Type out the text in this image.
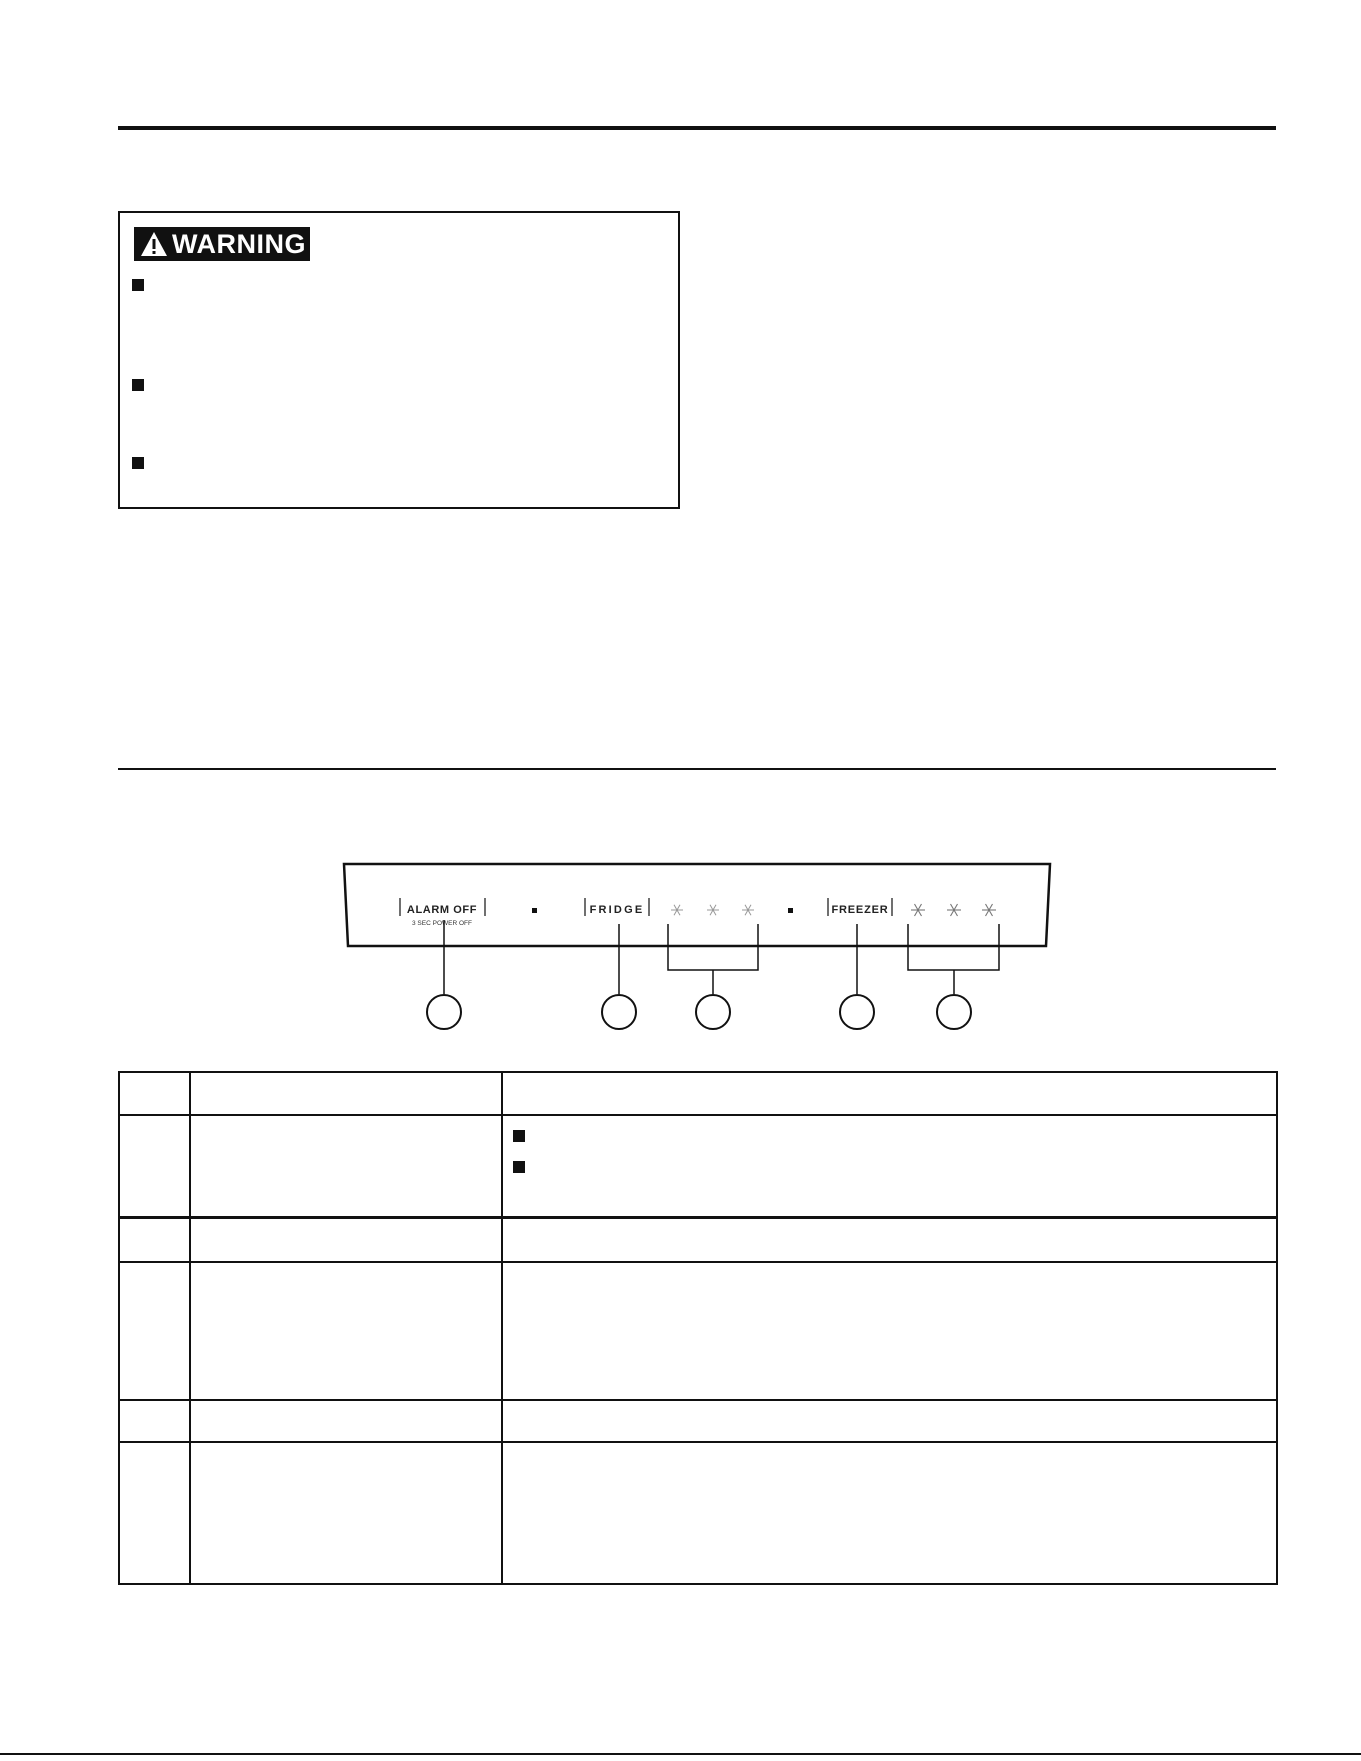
WARNING
ALARM OFF
3 SEC POWER OFF
FRIDGE	FREEZER
